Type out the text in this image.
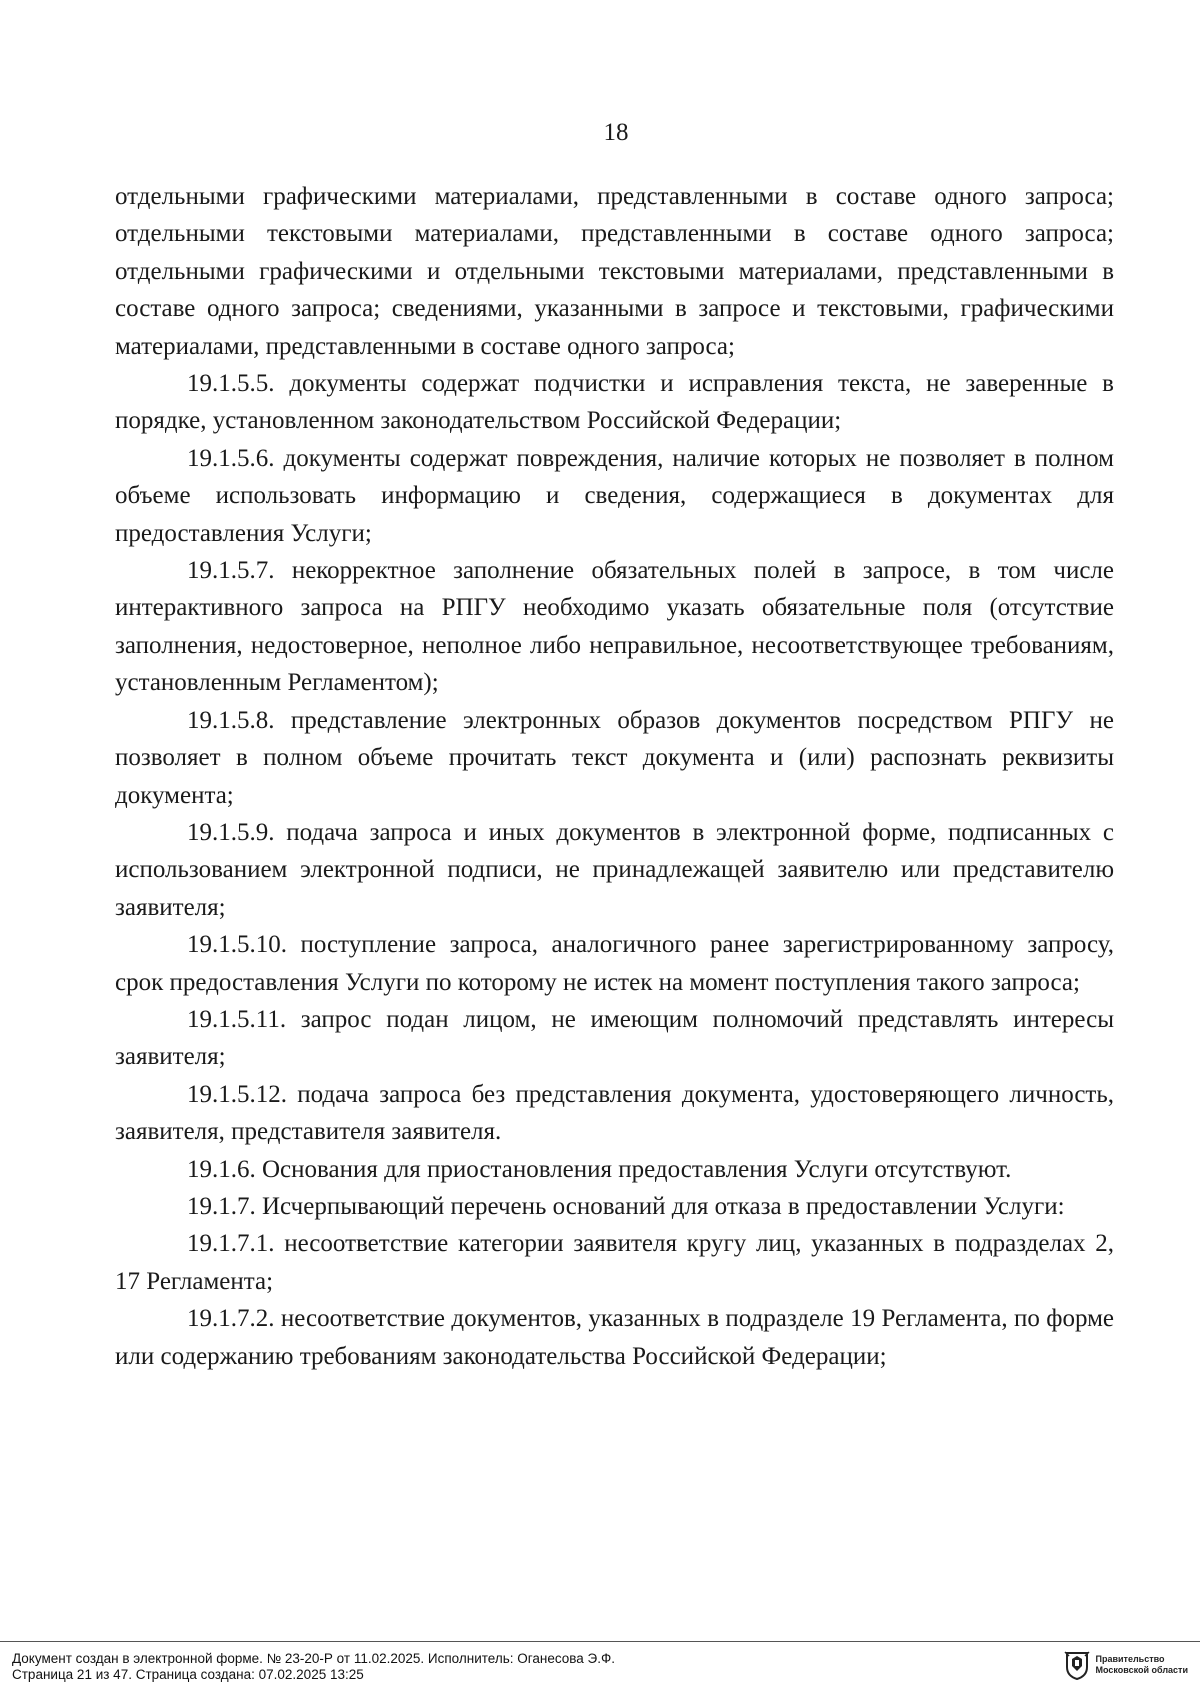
18

отдельными графическими материалами, представленными в составе одного запроса; отдельными текстовыми материалами, представленными в составе одного запроса; отдельными графическими и отдельными текстовыми материалами, представленными в составе одного запроса; сведениями, указанными в запросе и текстовыми, графическими материалами, представленными в составе одного запроса;

19.1.5.5. документы содержат подчистки и исправления текста, не заверенные в порядке, установленном законодательством Российской Федерации;

19.1.5.6. документы содержат повреждения, наличие которых не позволяет в полном объеме использовать информацию и сведения, содержащиеся в документах для предоставления Услуги;

19.1.5.7. некорректное заполнение обязательных полей в запросе, в том числе интерактивного запроса на РПГУ необходимо указать обязательные поля (отсутствие заполнения, недостоверное, неполное либо неправильное, несоответствующее требованиям, установленным Регламентом);

19.1.5.8. представление электронных образов документов посредством РПГУ не позволяет в полном объеме прочитать текст документа и (или) распознать реквизиты документа;

19.1.5.9. подача запроса и иных документов в электронной форме, подписанных с использованием электронной подписи, не принадлежащей заявителю или представителю заявителя;

19.1.5.10. поступление запроса, аналогичного ранее зарегистрированному запросу, срок предоставления Услуги по которому не истек на момент поступления такого запроса;

19.1.5.11. запрос подан лицом, не имеющим полномочий представлять интересы заявителя;

19.1.5.12. подача запроса без представления документа, удостоверяющего личность, заявителя, представителя заявителя.

19.1.6. Основания для приостановления предоставления Услуги отсутствуют.

19.1.7. Исчерпывающий перечень оснований для отказа в предоставлении Услуги:

19.1.7.1. несоответствие категории заявителя кругу лиц, указанных в подразделах 2, 17 Регламента;

19.1.7.2. несоответствие документов, указанных в подразделе 19 Регламента, по форме или содержанию требованиям законодательства Российской Федерации;

Документ создан в электронной форме. № 23-20-Р от 11.02.2025. Исполнитель: Оганесова Э.Ф.
Страница 21 из 47. Страница создана: 07.02.2025 13:25
Правительство
Московской области
